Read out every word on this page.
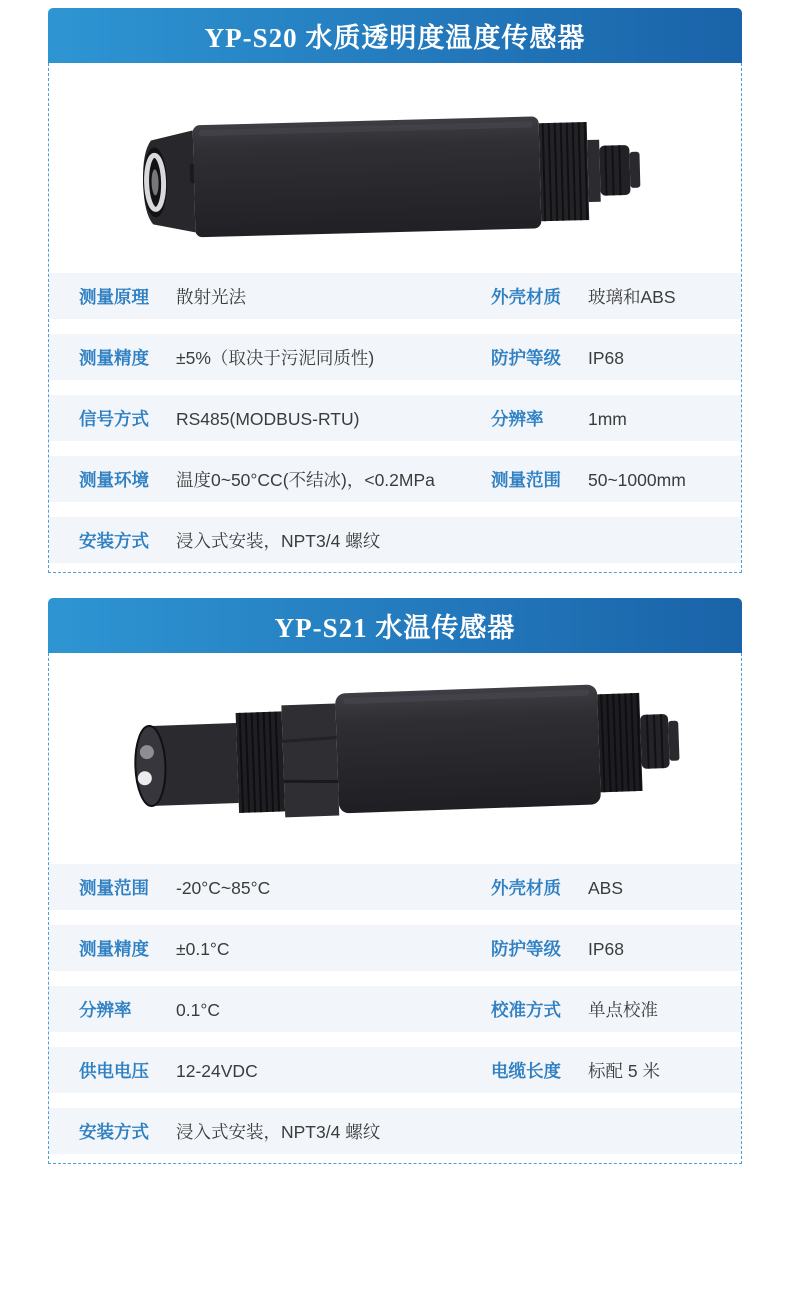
YP-S20 水质透明度温度传感器
测量原理	散射光法	外壳材质	玻璃和ABS
测量精度	±5%（取决于污泥同质性)	防护等级	IP68
信号方式	RS485(MODBUS-RTU)	分辨率	1mm
测量环境	温度0~50°CC(不结冰)，<0.2MPa	测量范围	50~1000mm
安装方式	浸入式安装，NPT3/4 螺纹
YP-S21 水温传感器
测量范围	-20°C~85°C	外壳材质	ABS
测量精度	±0.1°C	防护等级	IP68
分辨率	0.1°C	校准方式	单点校准
供电电压	12-24VDC	电缆长度	标配 5 米
安装方式	浸入式安装，NPT3/4 螺纹
